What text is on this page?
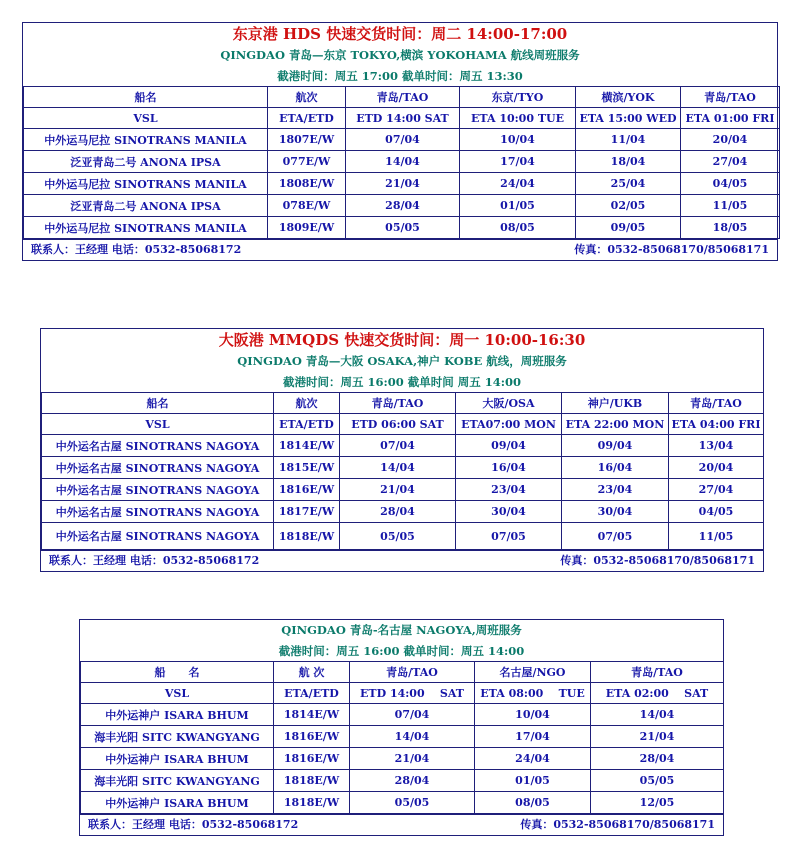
东京港 HDS 快速交货时间：周二 14:00-17:00
QINGDAO 青岛—东京 TOKYO,横滨 YOKOHAMA 航线周班服务
截港时间：周五 17:00 截单时间：周五 13:30
船名	航次	青岛/TAO	东京/TYO	横滨/YOK	青岛/TAO
VSL	ETA/ETD	ETD 14:00 SAT	ETA 10:00 TUE	ETA 15:00 WED	ETA 01:00 FRI
中外运马尼拉 SINOTRANS MANILA	1807E/W	07/04	10/04	11/04	20/04
泛亚青岛二号 ANONA IPSA	077E/W	14/04	17/04	18/04	27/04
中外运马尼拉 SINOTRANS MANILA	1808E/W	21/04	24/04	25/04	04/05
泛亚青岛二号 ANONA IPSA	078E/W	28/04	01/05	02/05	11/05
中外运马尼拉 SINOTRANS MANILA	1809E/W	05/05	08/05	09/05	18/05
联系人：王经理 电话：0532-85068172	传真：0532-85068170/85068171
大阪港 MMQDS 快速交货时间：周一 10:00-16:30
QINGDAO 青岛—大阪 OSAKA,神户 KOBE 航线，周班服务
截港时间：周五 16:00 截单时间 周五 14:00
船名	航次	青岛/TAO	大阪/OSA	神户/UKB	青岛/TAO
VSL	ETA/ETD	ETD 06:00 SAT	ETA07:00 MON	ETA 22:00 MON	ETA 04:00 FRI
中外运名古屋 SINOTRANS NAGOYA	1814E/W	07/04	09/04	09/04	13/04
中外运名古屋 SINOTRANS NAGOYA	1815E/W	14/04	16/04	16/04	20/04
中外运名古屋 SINOTRANS NAGOYA	1816E/W	21/04	23/04	23/04	27/04
中外运名古屋 SINOTRANS NAGOYA	1817E/W	28/04	30/04	30/04	04/05
中外运名古屋 SINOTRANS NAGOYA	1818E/W	05/05	07/05	07/05	11/05
联系人：王经理 电话：0532-85068172	传真：0532-85068170/85068171
QINGDAO 青岛-名古屋 NAGOYA,周班服务
截港时间：周五 16:00 截单时间：周五 14:00
船      名	航 次	青岛/TAO	名古屋/NGO	青岛/TAO
VSL	ETA/ETD	ETD 14:00    SAT	ETA 08:00    TUE	ETA 02:00    SAT
中外运神户 ISARA BHUM	1814E/W	07/04	10/04	14/04
海丰光阳 SITC KWANGYANG	1816E/W	14/04	17/04	21/04
中外运神户 ISARA BHUM	1816E/W	21/04	24/04	28/04
海丰光阳 SITC KWANGYANG	1818E/W	28/04	01/05	05/05
中外运神户 ISARA BHUM	1818E/W	05/05	08/05	12/05
联系人：王经理 电话：0532-85068172	传真：0532-85068170/85068171
